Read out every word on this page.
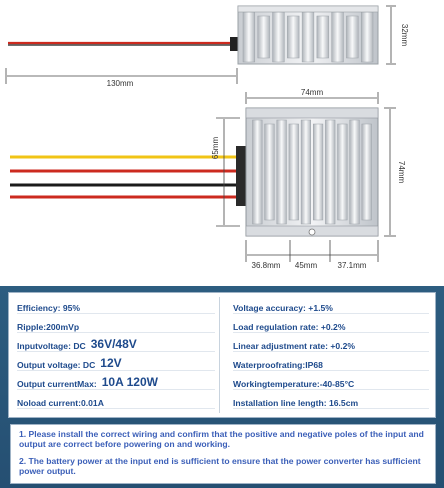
32mm
130mm
74mm
74mm
65mm
36.8mm 45mm	37.1mm
Efficiency: 95%
Ripple:200mVp
Inputvoltage: DC 36V/48V
Output voltage: DC 12V
Output currentMax: 10A 120W
Noload current:0.01A
Voltage accuracy: +1.5%
Load regulation rate: +0.2%
Linear adjustment rate: +0.2%
Waterproofrating:IP68
Workingtemperature:-40-85°C
Installation line length: 16.5cm
1. Please install the correct wiring and confirm that the positive and negative poles of the input and output are correct before powering on and working.
2. The battery power at the input end is sufficient to ensure that the power converter has sufficient power output.
